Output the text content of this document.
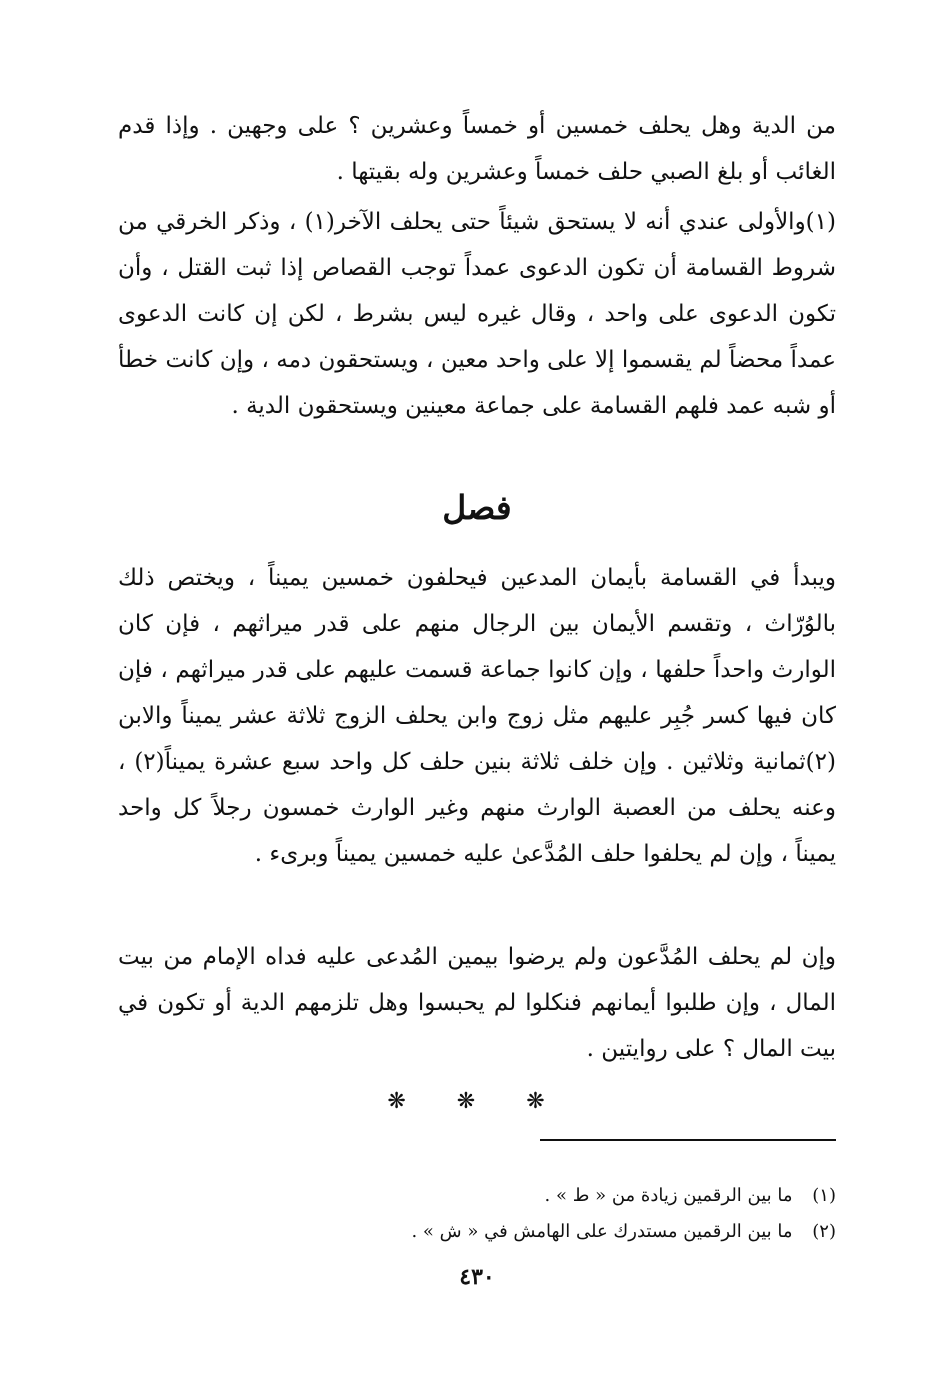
من الدية وهل يحلف خمسين أو خمساً وعشرين ؟ على وجهين . وإذا قدم الغائب أو بلغ الصبي حلف خمساً وعشرين وله بقيتها .
(١)والأولى عندي أنه لا يستحق شيئاً حتى يحلف الآخر(١) ، وذكر الخرقي من شروط القسامة أن تكون الدعوى عمداً توجب القصاص إذا ثبت القتل ، وأن تكون الدعوى على واحد ، وقال غيره ليس بشرط ، لكن إن كانت الدعوى عمداً محضاً لم يقسموا إلا على واحد معين ، ويستحقون دمه ، وإن كانت خطأ أو شبه عمد فلهم القسامة على جماعة معينين ويستحقون الدية .
فصل
ويبدأ في القسامة بأيمان المدعين فيحلفون خمسين يميناً ، ويختص ذلك بالوُرّاث ، وتقسم الأيمان بين الرجال منهم على قدر ميراثهم ، فإن كان الوارث واحداً حلفها ، وإن كانوا جماعة قسمت عليهم على قدر ميراثهم ، فإن كان فيها كسر جُبِر عليهم مثل زوج وابن يحلف الزوج ثلاثة عشر يميناً والابن (٢)ثمانية وثلاثين . وإن خلف ثلاثة بنين حلف كل واحد سبع عشرة يميناً(٢) ، وعنه يحلف من العصبة الوارث منهم وغير الوارث خمسون رجلاً كل واحد يميناً ، وإن لم يحلفوا حلف المُدَّعىٰ عليه خمسين يميناً وبرىء .
وإن لم يحلف المُدَّعون ولم يرضوا بيمين المُدعى عليه فداه الإمام من بيت المال ، وإن طلبوا أيمانهم فنكلوا لم يحبسوا وهل تلزمهم الدية أو تكون في بيت المال ؟ على روايتين .
❋ ❋ ❋
(١) ما بين الرقمين زيادة من « ط » .
(٢) ما بين الرقمين مستدرك على الهامش في « ش » .
٤٣٠
